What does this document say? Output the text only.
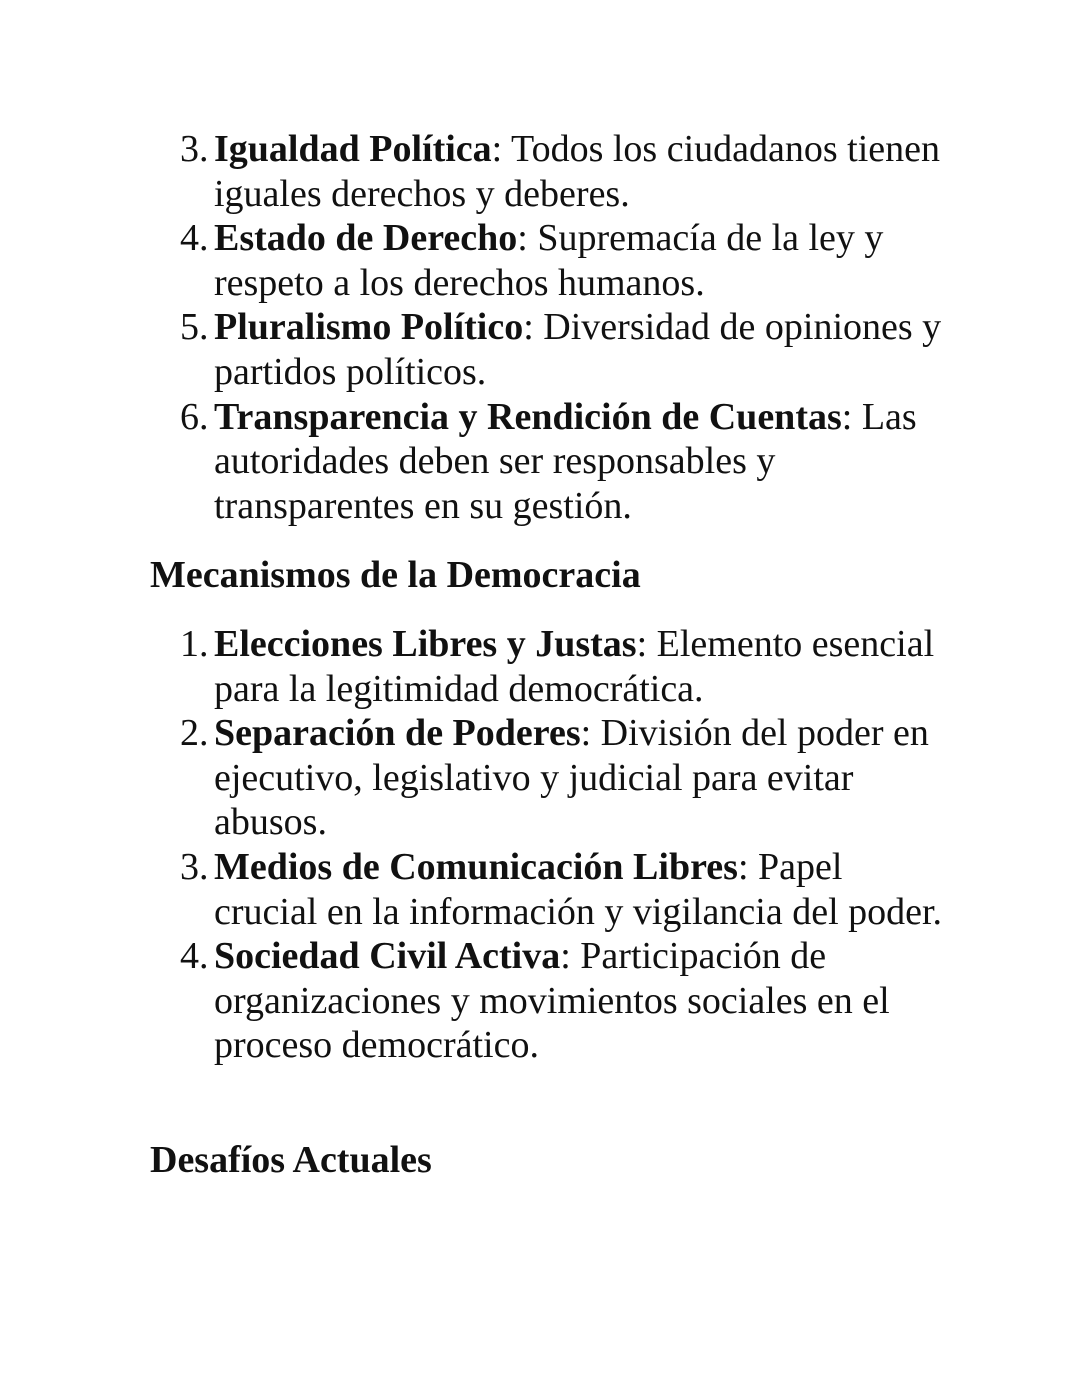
3. Igualdad Política: Todos los ciudadanos tienen iguales derechos y deberes.
4. Estado de Derecho: Supremacía de la ley y respeto a los derechos humanos.
5. Pluralismo Político: Diversidad de opiniones y partidos políticos.
6. Transparencia y Rendición de Cuentas: Las autoridades deben ser responsables y transparentes en su gestión.
Mecanismos de la Democracia
1. Elecciones Libres y Justas: Elemento esencial para la legitimidad democrática.
2. Separación de Poderes: División del poder en ejecutivo, legislativo y judicial para evitar abusos.
3. Medios de Comunicación Libres: Papel crucial en la información y vigilancia del poder.
4. Sociedad Civil Activa: Participación de organizaciones y movimientos sociales en el proceso democrático.
Desafíos Actuales
